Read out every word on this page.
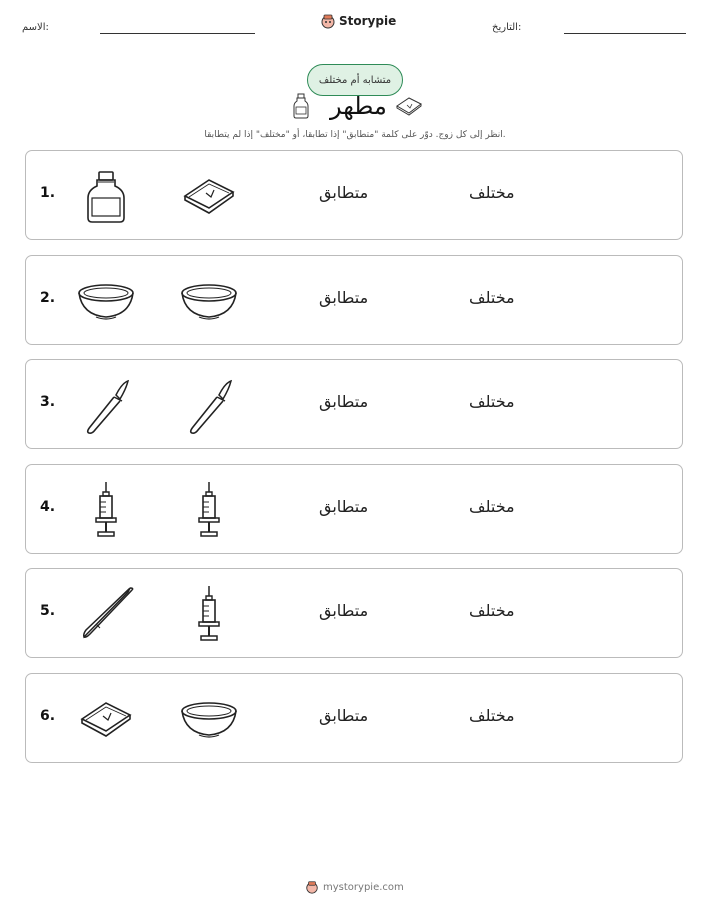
الاسم:	Storypie	التاريخ:
متشابه أم مختلف
مطهر
انظر إلى كل زوج. دوّر على كلمة "متطابق" إذا تطابقا، أو "مختلف" إذا لم يتطابقا.
1.	متطابق	مختلف
2.	متطابق	مختلف
3.	متطابق	مختلف
4.	متطابق	مختلف
5.	متطابق	مختلف
6.	متطابق	مختلف
mystorypie.com
